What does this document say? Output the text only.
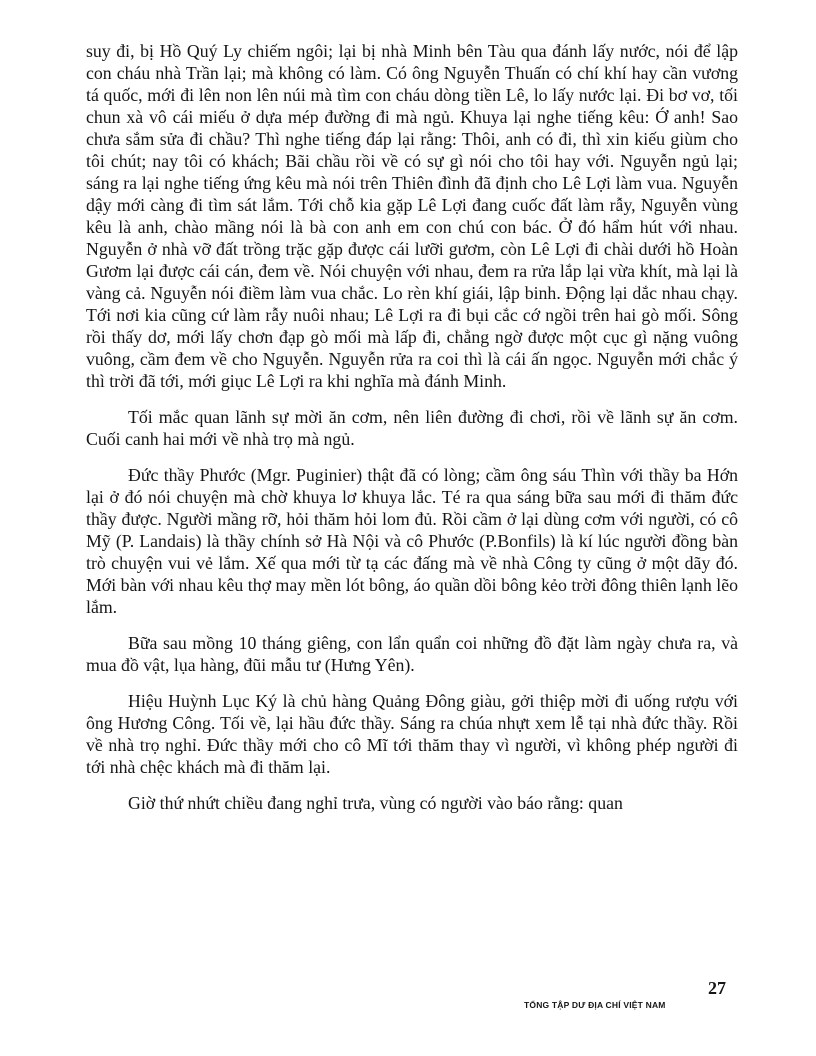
suy đi, bị Hồ Quý Ly chiếm ngôi; lại bị nhà Minh bên Tàu qua đánh lấy nước, nói để lập con cháu nhà Trần lại; mà không có làm. Có ông Nguyễn Thuấn có chí khí hay cần vương tá quốc, mới đi lên non lên núi mà tìm con cháu dòng tiền Lê, lo lấy nước lại. Đi bơ vơ, tối chun xà vô cái miếu ở dựa mép đường đi mà ngủ. Khuya lại nghe tiếng kêu: Ớ anh! Sao chưa sắm sửa đi chầu? Thì nghe tiếng đáp lại rằng: Thôi, anh có đi, thì xin kiếu giùm cho tôi chút; nay tôi có khách; Bãi chầu rồi về có sự gì nói cho tôi hay với. Nguyễn ngủ lại; sáng ra lại nghe tiếng ứng kêu mà nói trên Thiên đình đã định cho Lê Lợi làm vua. Nguyễn dậy mới càng đi tìm sát lắm. Tới chỗ kia gặp Lê Lợi đang cuốc đất làm rẫy, Nguyễn vùng kêu là anh, chào mầng nói là bà con anh em con chú con bác. Ở đó hẩm hút với nhau. Nguyễn ở nhà vỡ đất trồng trặc gặp được cái lưỡi gươm, còn Lê Lợi đi chài dưới hồ Hoàn Gươm lại được cái cán, đem về. Nói chuyện với nhau, đem ra rửa lắp lại vừa khít, mà lại là vàng cả. Nguyễn nói điềm làm vua chắc. Lo rèn khí giái, lập binh. Động lại dắc nhau chạy. Tới nơi kia cũng cứ làm rẫy nuôi nhau; Lê Lợi ra đi bụi cắc cớ ngồi trên hai gò mối. Sông rồi thấy dơ, mới lấy chơn đạp gò mối mà lấp đi, chẳng ngờ được một cục gì nặng vuông vuông, cầm đem về cho Nguyễn. Nguyễn rửa ra coi thì là cái ấn ngọc. Nguyễn mới chắc ý thì trời đã tới, mới giục Lê Lợi ra khi nghĩa mà đánh Minh.

Tối mắc quan lãnh sự mời ăn cơm, nên liên đường đi chơi, rồi về lãnh sự ăn cơm. Cuối canh hai mới về nhà trọ mà ngủ.

Đức thầy Phước (Mgr. Puginier) thật đã có lòng; cầm ông sáu Thìn với thầy ba Hớn lại ở đó nói chuyện mà chờ khuya lơ khuya lắc. Té ra qua sáng bữa sau mới đi thăm đức thầy được. Người mầng rỡ, hỏi thăm hỏi lom đủ. Rồi cầm ở lại dùng cơm với người, có cô Mỹ (P. Landais) là thầy chính sở Hà Nội và cô Phước (P.Bonfils) là kí lúc người đồng bàn trò chuyện vui vẻ lắm. Xế qua mới từ tạ các đấng mà về nhà Công ty cũng ở một dãy đó. Mới bàn với nhau kêu thợ may mền lót bông, áo quần dồi bông kẻo trời đông thiên lạnh lẽo lắm.

Bữa sau mồng 10 tháng giêng, con lẩn quẩn coi những đồ đặt làm ngày chưa ra, và mua đồ vật, lụa hàng, đũi mẫu tư (Hưng Yên).

Hiệu Huỳnh Lục Ký là chủ hàng Quảng Đông giàu, gởi thiệp mời đi uống rượu với ông Hương Công. Tối về, lại hầu đức thầy. Sáng ra chúa nhựt xem lễ tại nhà đức thầy. Rồi về nhà trọ nghỉ. Đức thầy mới cho cô Mĩ tới thăm thay vì người, vì không phép người đi tới nhà chệc khách mà đi thăm lại.

Giờ thứ nhứt chiều đang nghỉ trưa, vùng có người vào báo rằng: quan

27
TỔNG TẬP DƯ ĐỊA CHÍ VIỆT NAM
